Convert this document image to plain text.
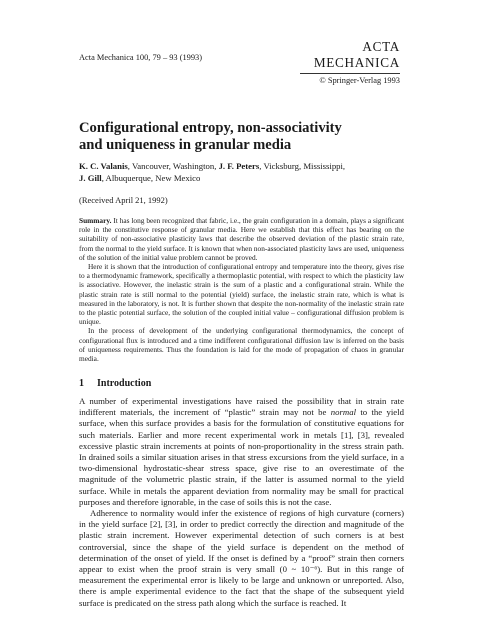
Acta Mechanica 100, 79 – 93 (1993)
ACTA MECHANICA
© Springer-Verlag 1993
Configurational entropy, non-associativity
and uniqueness in granular media
K. C. Valanis, Vancouver, Washington, J. F. Peters, Vicksburg, Mississippi,
J. Gill, Albuquerque, New Mexico
(Received April 21, 1992)

Summary. It has long been recognized that fabric, i.e., the grain configuration in a domain, plays a significant role in the constitutive response of granular media. Here we establish that this effect has bearing on the suitability of non-associative plasticity laws that describe the observed deviation of the plastic strain rate, from the normal to the yield surface. It is known that when non-associated plasticity laws are used, uniqueness of the solution of the initial value problem cannot be proved.

Here it is shown that the introduction of configurational entropy and temperature into the theory, gives rise to a thermodynamic framework, specifically a thermoplastic potential, with respect to which the plasticity law is associative. However, the inelastic strain is the sum of a plastic and a configurational strain. While the plastic strain rate is still normal to the potential (yield) surface, the inelastic strain rate, which is what is measured in the laboratory, is not. It is further shown that despite the non-normality of the inelastic strain rate to the plastic potential surface, the solution of the coupled initial value – configurational diffusion problem is unique.

In the process of development of the underlying configurational thermodynamics, the concept of configurational flux is introduced and a time indifferent configurational diffusion law is inferred on the basis of uniqueness requirements. Thus the foundation is laid for the mode of propagation of chaos in granular media.

1 Introduction

A number of experimental investigations have raised the possibility that in strain rate indifferent materials, the increment of “plastic” strain may not be normal to the yield surface, when this surface provides a basis for the formulation of constitutive equations for such materials. Earlier and more recent experimental work in metals [1], [3], revealed excessive plastic strain increments at points of non-proportionality in the stress strain path. In drained soils a similar situation arises in that stress excursions from the yield surface, in a two-dimensional hydrostatic-shear stress space, give rise to an overestimate of the magnitude of the volumetric plastic strain, if the latter is assumed normal to the yield surface. While in metals the apparent deviation from normality may be small for practical purposes and therefore ignorable, in the case of soils this is not the case.

Adherence to normality would infer the existence of regions of high curvature (corners) in the yield surface [2], [3], in order to predict correctly the direction and magnitude of the plastic strain increment. However experimental detection of such corners is at best controversial, since the shape of the yield surface is dependent on the method of determination of the onset of yield. If the onset is defined by a “proof” strain then corners appear to exist when the proof strain is very small (0 ~ 10⁻⁶). But in this range of measurement the experimental error is likely to be large and unknown or unreported. Also, there is ample experimental evidence to the fact that the shape of the subsequent yield surface is predicated on the stress path along which the surface is reached. It
